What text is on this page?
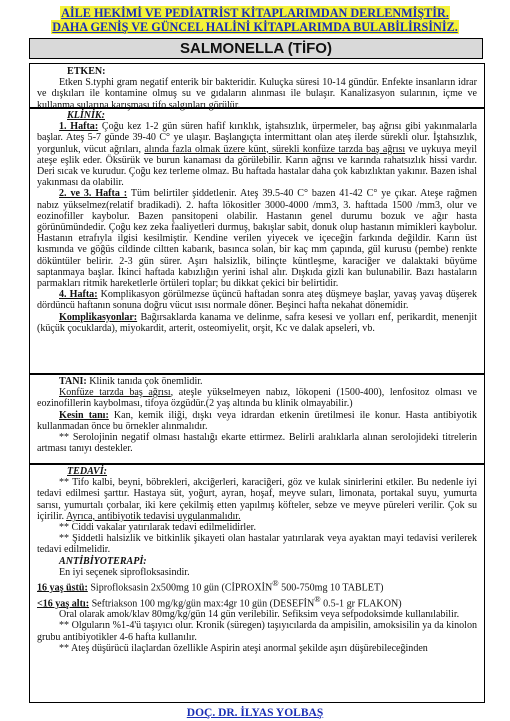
AİLE HEKİMİ VE PEDİATRİST KİTAPLARIMDAN DERLENMİŞTİR.
DAHA GENİŞ VE GÜNCEL HALİNİ KİTAPLARIMDA BULABİLİRSİNİZ.
SALMONELLA (TİFO)

ETKEN:

Etken S.typhi gram negatif enterik bir bakteridir. Kuluçka süresi 10-14 gündür. Enfekte insanların idrar ve dışkıları ile kontamine olmuş su ve gıdaların alınması ile bulaşır. Kanalizasyon sularının, içme ve kullanma sularına karışması tifo salgınları görülür.

KLİNİK:

1. Hafta: Çoğu kez 1-2 gün süren hafif kırıklık, iştahsızlık, ürpermeler, baş ağrısı gibi yakınmalarla başlar. Ateş 5-7 günde 39-40 C° ye ulaşır. Başlangıçta intermittant olan ateş ilerde sürekli olur. İştahsızlık, yorgunluk, vücut ağrıları, alında fazla olmak üzere künt, sürekli konfüze tarzda baş ağrısı ve uykuya meyil ateşe eşlik eder. Öksürük ve burun kanaması da görülebilir. Karın ağrısı ve karında rahatsızlık hissi vardır. Deri sıcak ve kurudur. Çoğu kez terleme olmaz. Bu haftada hastalar daha çok kabızlıktan yakınır. Bazen ishal yakınması da olabilir.

2. ve 3. Hafta : Tüm belirtiler şiddetlenir. Ateş 39.5-40 C° bazen 41-42 C° ye çıkar. Ateşe rağmen nabız yükselmez(relatif bradikadi). 2. hafta lökositler 3000-4000 /mm3, 3. hafttada 1500 /mm3, olur ve eozinofiller kaybolur. Bazen pansitopeni olabilir. Hastanın genel durumu bozuk ve ağır hasta görünümündedir. Çoğu kez zeka faaliyetleri durmuş, bakışlar sabit, donuk olup hastanın mimikleri kaybolur. Hastanın etrafıyla ilgisi kesilmiştir. Kendine verilen yiyecek ve içeceğin farkında değildir. Karın üst kısmında ve göğüs cildinde ciltten kabarık, basınca solan, bir kaç mm çapında, gül kurusu (pembe) renkte döküntüler belirir. 2-3 gün sürer. Aşırı halsizlik, bilinçte küntleşme, karaciğer ve dalaktaki büyüme saptanmaya başlar. İkinci haftada kabızlığın yerini ishal alır. Dışkıda gizli kan bulunabilir. Bazı hastaların parmakları ritmik hareketlerle örtüleri toplar; bu dikkat çekici bir belirtidir.

4. Hafta: Komplikasyon görülmezse üçüncü haftadan sonra ateş düşmeye başlar, yavaş yavaş düşerek dördüncü haftanın sonuna doğru vücut ısısı normale döner. Beşinci hafta nekahat dönemidir.

Komplikasyonlar: Bağırsaklarda kanama ve delinme, safra kesesi ve yolları enf, perikardit, menenjit (küçük çocuklarda), miyokardit, arterit, osteomiyelit, orşit, Kc ve dalak apseleri, vb.

TANI: Klinik tanıda çok önemlidir.

Konfüze tarzda baş ağrısı, ateşle yükselmeyen nabız, lökopeni (1500-400), lenfositoz olması ve eozinofillerin kaybolması, tifoya özgüdür.(2 yaş altında bu klinik olmayabilir.)

Kesin tanı: Kan, kemik iliği, dışkı veya idrardan etkenin üretilmesi ile konur. Hasta antibiyotik kullanmadan önce bu örnekler alınmalıdır.

** Serolojinin negatif olması hastalığı ekarte ettirmez. Belirli aralıklarla alınan serolojideki titrelerin artması tanıyı destekler.

TEDAVİ:

** Tifo kalbi, beyni, böbrekleri, akciğerleri, karaciğeri, göz ve kulak sinirlerini etkiler. Bu nedenle iyi tedavi edilmesi şarttır. Hastaya süt, yoğurt, ayran, hoşaf, meyve suları, limonata, portakal suyu, yumurta sarısı, yumurtalı çorbalar, iki kere çekilmiş etten yapılmış köfteler, sebze ve meyve püreleri verilir. Çok su içirilir. Ayrıca, antibiyotik tedavisi uygulanmalıdır.

** Ciddi vakalar yatırılarak tedavi edilmelidirler.

** Şiddetli halsizlik ve bitkinlik şikayeti olan hastalar yatırılarak veya ayaktan mayi tedavisi verilerek tedavi edilmelidir.

ANTİBİYOTERAPİ:

En iyi seçenek siprofloksasindir.

16 yaş üstü: Siprofloksasin 2x500mg 10 gün (CİPROXİN® 500-750mg 10 TABLET)

<16 yaş altı: Seftriakson 100 mg/kg/gün max:4gr 10 gün (DESEFİN® 0.5-1 gr FLAKON)

Oral olarak amok/klav 80mg/kg/gün 14 gün verilebilir. Sefiksim veya sefpodoksimde kullanılabilir.

** Olguların %1-4'ü taşıyıcı olur. Kronik (süregen) taşıyıcılarda da ampisilin, amoksisilin ya da kinolon grubu antibiyotikler 4-6 hafta kullanılır.

** Ateş düşürücü ilaçlardan özellikle Aspirin ateşi anormal şekilde aşırı düşürebileceğinden

DOÇ. DR. İLYAS YOLBAŞ
